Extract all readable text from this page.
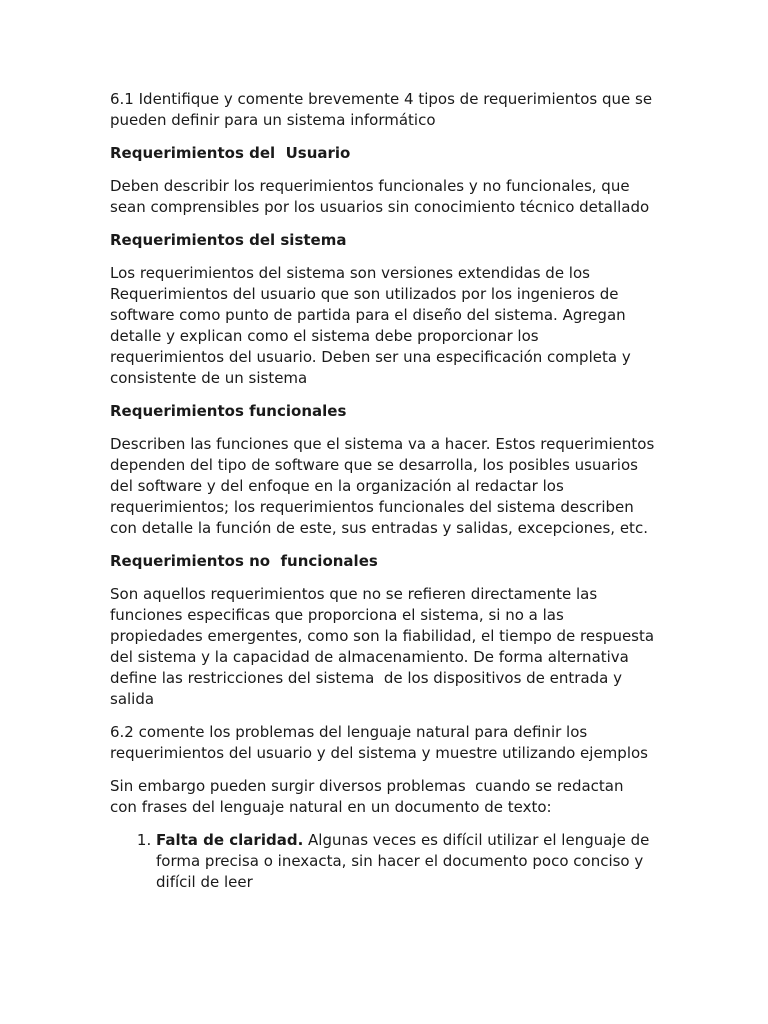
6.1 Identifique y comente brevemente 4 tipos de requerimientos que se pueden definir para un sistema informático

Requerimientos del  Usuario

Deben describir los requerimientos funcionales y no funcionales, que sean comprensibles por los usuarios sin conocimiento técnico detallado

Requerimientos del sistema

Los requerimientos del sistema son versiones extendidas de los Requerimientos del usuario que son utilizados por los ingenieros de software como punto de partida para el diseño del sistema. Agregan detalle y explican como el sistema debe proporcionar los requerimientos del usuario. Deben ser una especificación completa y consistente de un sistema

Requerimientos funcionales

Describen las funciones que el sistema va a hacer. Estos requerimientos dependen del tipo de software que se desarrolla, los posibles usuarios del software y del enfoque en la organización al redactar los requerimientos; los requerimientos funcionales del sistema describen con detalle la función de este, sus entradas y salidas, excepciones, etc.

Requerimientos no  funcionales

Son aquellos requerimientos que no se refieren directamente las funciones especificas que proporciona el sistema, si no a las propiedades emergentes, como son la fiabilidad, el tiempo de respuesta del sistema y la capacidad de almacenamiento. De forma alternativa define las restricciones del sistema  de los dispositivos de entrada y salida

6.2 comente los problemas del lenguaje natural para definir los requerimientos del usuario y del sistema y muestre utilizando ejemplos

Sin embargo pueden surgir diversos problemas  cuando se redactan con frases del lenguaje natural en un documento de texto:

1. Falta de claridad. Algunas veces es difícil utilizar el lenguaje de forma precisa o inexacta, sin hacer el documento poco conciso y difícil de leer
